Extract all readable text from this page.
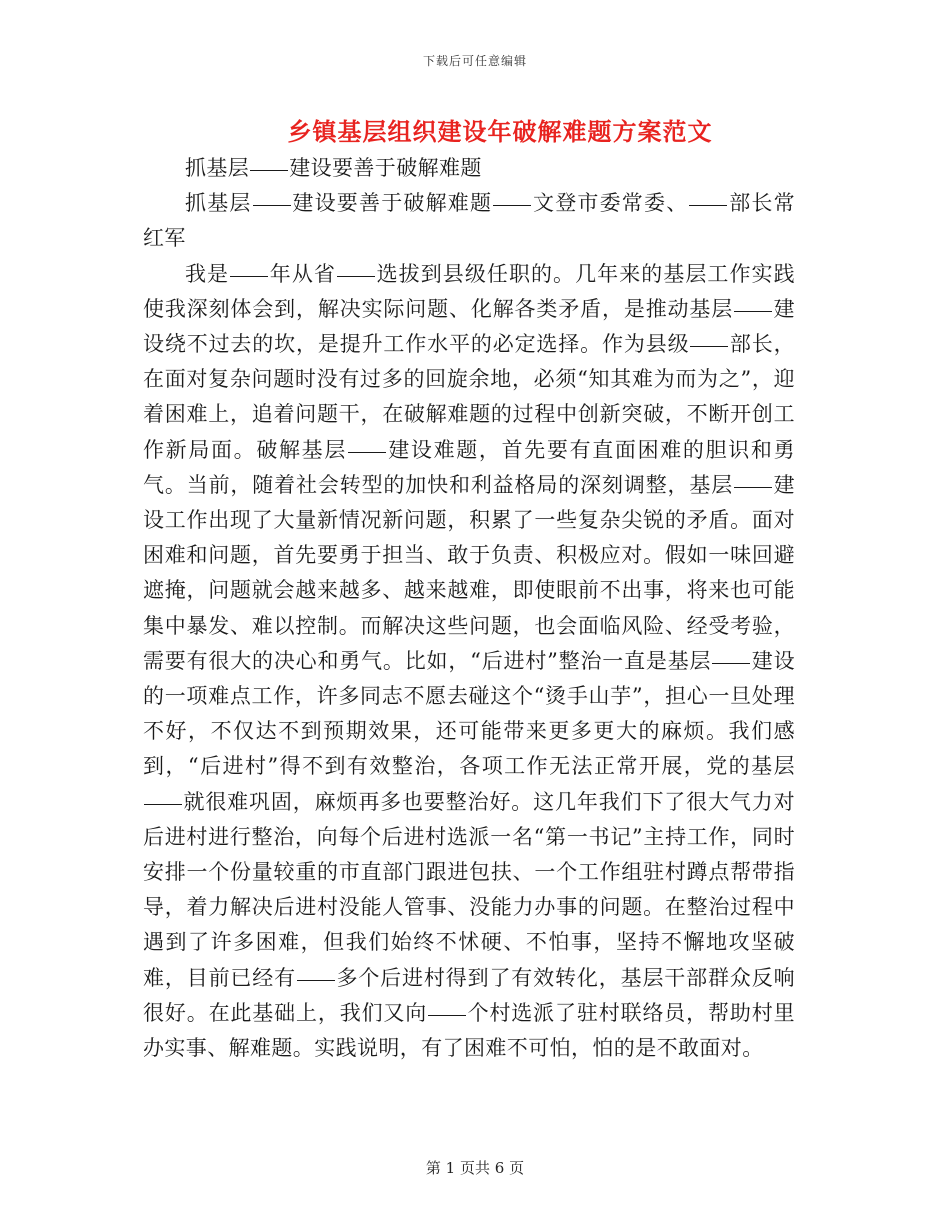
下载后可任意编辑
乡镇基层组织建设年破解难题方案范文

抓基层 建设要善于破解难题

抓基层 建设要善于破解难题 文登市委常委、 部长常红军

我是 年从省 选拔到县级任职的。几年来的基层工作实践使我深刻体会到，解决实际问题、化解各类矛盾，是推动基层 建设绕不过去的坎，是提升工作水平的必定选择。作为县级 部长，在面对复杂问题时没有过多的回旋余地，必须“知其难为而为之”，迎着困难上，追着问题干，在破解难题的过程中创新突破，不断开创工作新局面。破解基层 建设难题，首先要有直面困难的胆识和勇气。当前，随着社会转型的加快和利益格局的深刻调整，基层 建设工作出现了大量新情况新问题，积累了一些复杂尖锐的矛盾。面对困难和问题，首先要勇于担当、敢于负责、积极应对。假如一味回避遮掩，问题就会越来越多、越来越难，即使眼前不出事，将来也可能集中暴发、难以控制。而解决这些问题，也会面临风险、经受考验，需要有很大的决心和勇气。比如，“后进村”整治一直是基层 建设的一项难点工作，许多同志不愿去碰这个“烫手山芋”，担心一旦处理不好，不仅达不到预期效果，还可能带来更多更大的麻烦。我们感到，“后进村”得不到有效整治，各项工作无法正常开展，党的基层就很难巩固，麻烦再多也要整治好。这几年我们下了很大气力对后进村进行整治，向每个后进村选派一名“第一书记”主持工作，同时安排一个份量较重的市直部门跟进包扶、一个工作组驻村蹲点帮带指导，着力解决后进村没能人管事、没能力办事的问题。在整治过程中遇到了许多困难，但我们始终不怵硬、不怕事，坚持不懈地攻坚破难，目前已经有 多个后进村得到了有效转化，基层干部群众反响很好。在此基础上，我们又向 个村选派了驻村联络员，帮助村里办实事、解难题。实践说明，有了困难不可怕，怕的是不敢面对。

第 1 页共 6 页
